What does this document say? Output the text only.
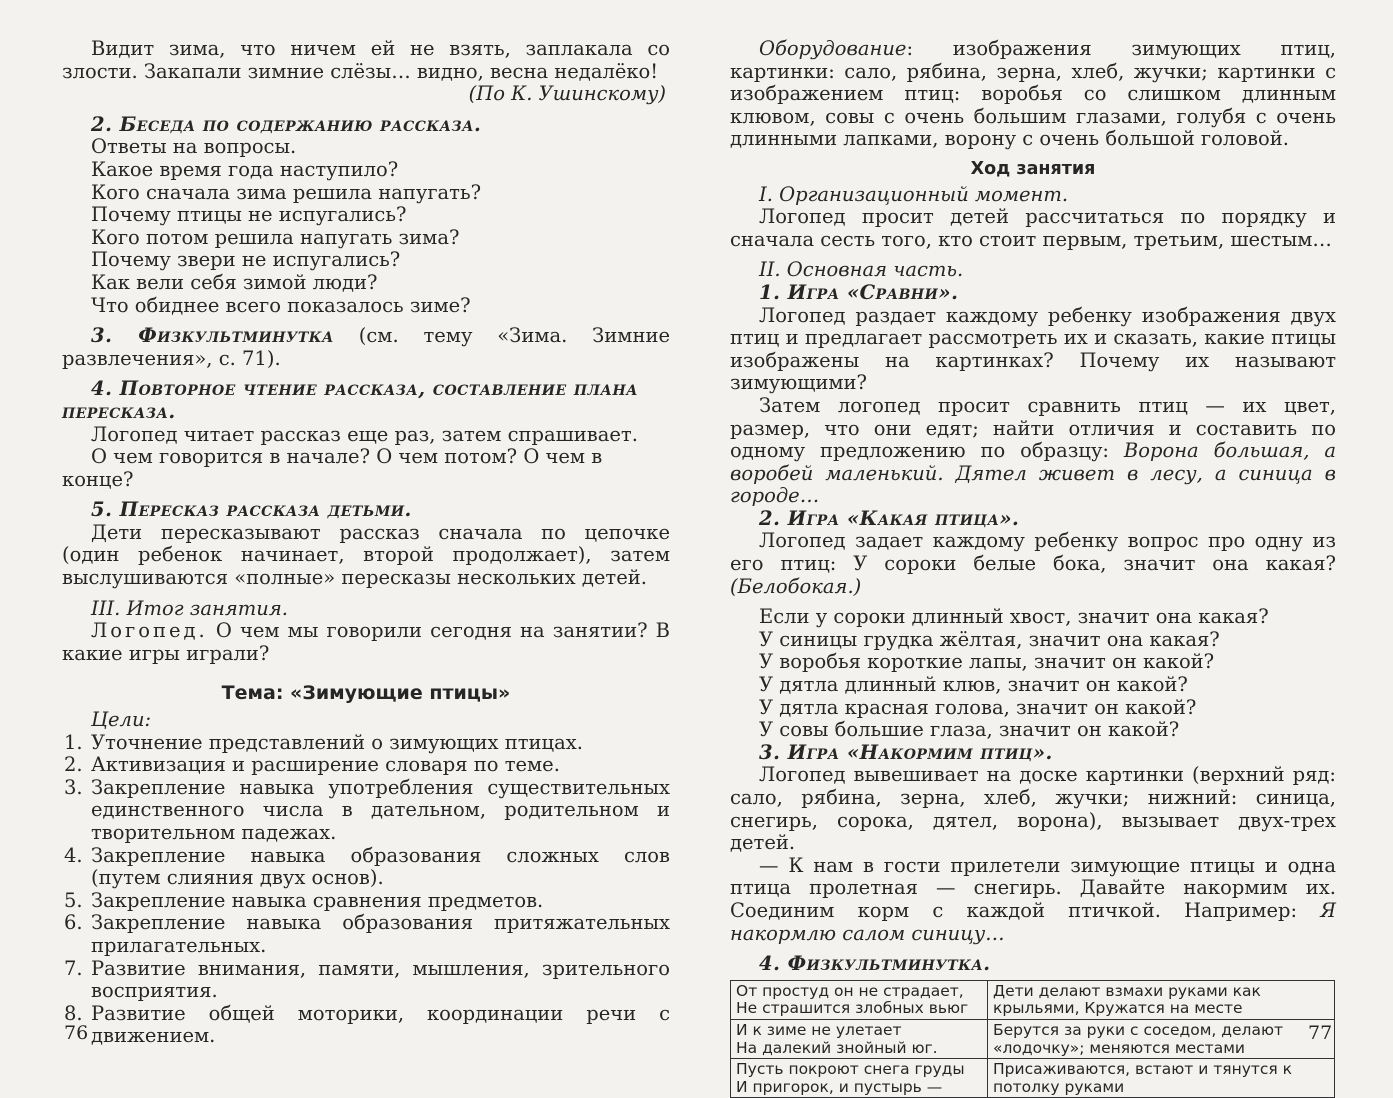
Видит зима, что ничем ей не взять, заплакала со злости. Закапали зимние слёзы… видно, весна недалёко!

(По К. Ушинскому)

2. Беседа по содержанию рассказа.

Ответы на вопросы.

Какое время года наступило?

Кого сначала зима решила напугать?

Почему птицы не испугались?

Кого потом решила напугать зима?

Почему звери не испугались?

Как вели себя зимой люди?

Что обиднее всего показалось зиме?

3. Физкультминутка (см. тему «Зима. Зимние развлечения», с. 71).

4. Повторное чтение рассказа, составление плана пересказа.

Логопед читает рассказ еще раз, затем спрашивает.

О чем говорится в начале? О чем потом? О чем в конце?

5. Пересказ рассказа детьми.

Дети пересказывают рассказ сначала по цепочке (один ребенок начинает, второй продолжает), затем выслушиваются «полные» пересказы нескольких детей.

III. Итог занятия.

Логопед. О чем мы говорили сегодня на занятии? В какие игры играли?

Тема: «Зимующие птицы»

Цели:

1. Уточнение представлений о зимующих птицах.
2. Активизация и расширение словаря по теме.
3. Закрепление навыка употребления существительных единственного числа в дательном, родительном и творительном падежах.
4. Закрепление навыка образования сложных слов (путем слияния двух основ).
5. Закрепление навыка сравнения предметов.
6. Закрепление навыка образования притяжательных прилагательных.
7. Развитие внимания, памяти, мышления, зрительного восприятия.
8. Развитие общей моторики, координации речи с движением.
76

Оборудование: изображения зимующих птиц, картинки: сало, рябина, зерна, хлеб, жучки; картинки с изображением птиц: воробья со слишком длинным клювом, совы с очень большим глазами, голубя с очень длинными лапками, ворону с очень большой головой.

Ход занятия

I. Организационный момент.

Логопед просит детей рассчитаться по порядку и сначала сесть того, кто стоит первым, третьим, шестым…

II. Основная часть.

1. Игра «Сравни».

Логопед раздает каждому ребенку изображения двух птиц и предлагает рассмотреть их и сказать, какие птицы изображены на картинках? Почему их называют зимующими?

Затем логопед просит сравнить птиц — их цвет, размер, что они едят; найти отличия и составить по одному предложению по образцу: Ворона большая, а воробей маленький. Дятел живет в лесу, а синица в городе…

2. Игра «Какая птица».

Логопед задает каждому ребенку вопрос про одну из его птиц: У сороки белые бока, значит она какая? (Белобокая.)

Если у сороки длинный хвост, значит она какая?

У синицы грудка жёлтая, значит она какая?

У воробья короткие лапы, значит он какой?

У дятла длинный клюв, значит он какой?

У дятла красная голова, значит он какой?

У совы большие глаза, значит он какой?

3. Игра «Накормим птиц».

Логопед вывешивает на доске картинки (верхний ряд: сало, рябина, зерна, хлеб, жучки; нижний: синица, снегирь, сорока, дятел, ворона), вызывает двух-трех детей.

— К нам в гости прилетели зимующие птицы и одна птица пролетная — снегирь. Давайте накормим их. Соединим корм с каждой птичкой. Например: Я накормлю салом синицу…

4. Физкультминутка.

От простуд он не страдает,
Не страшится злобных вьюг	Дети делают взмахи руками как крыльями, Кружатся на месте

И к зиме не улетает
На далекий знойный юг.	Берутся за руки с соседом, делают «лодочку»; меняются местами

Пусть покроют снега груды
И пригорок, и пустырь —	Присаживаются, встают и тянутся к потолку руками
77
